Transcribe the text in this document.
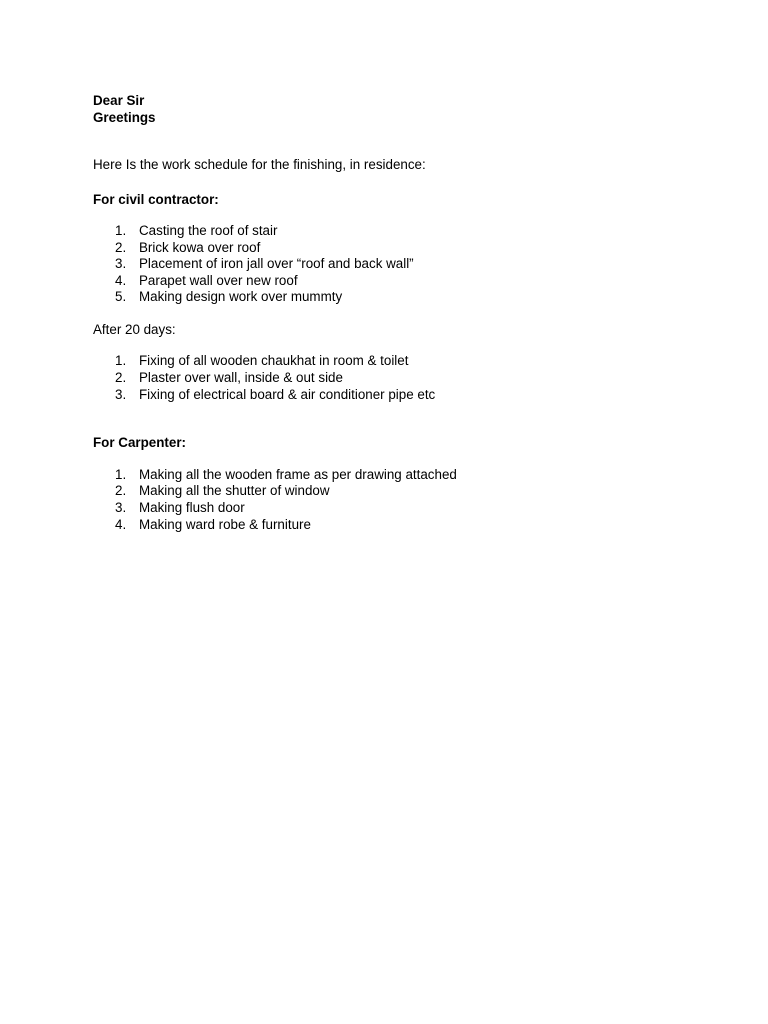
Dear Sir
Greetings
Here Is the work schedule for the finishing, in residence:
For civil contractor:
1. Casting the roof of stair
2. Brick kowa over roof
3. Placement of iron jall over “roof and back wall”
4. Parapet wall over new roof
5. Making design work over mummty
After 20 days:
1. Fixing of all wooden chaukhat in room & toilet
2. Plaster over wall, inside & out side
3. Fixing of electrical board & air conditioner pipe etc
For Carpenter:
1. Making all the wooden frame as per drawing attached
2. Making all the shutter of window
3. Making flush door
4. Making ward robe & furniture
